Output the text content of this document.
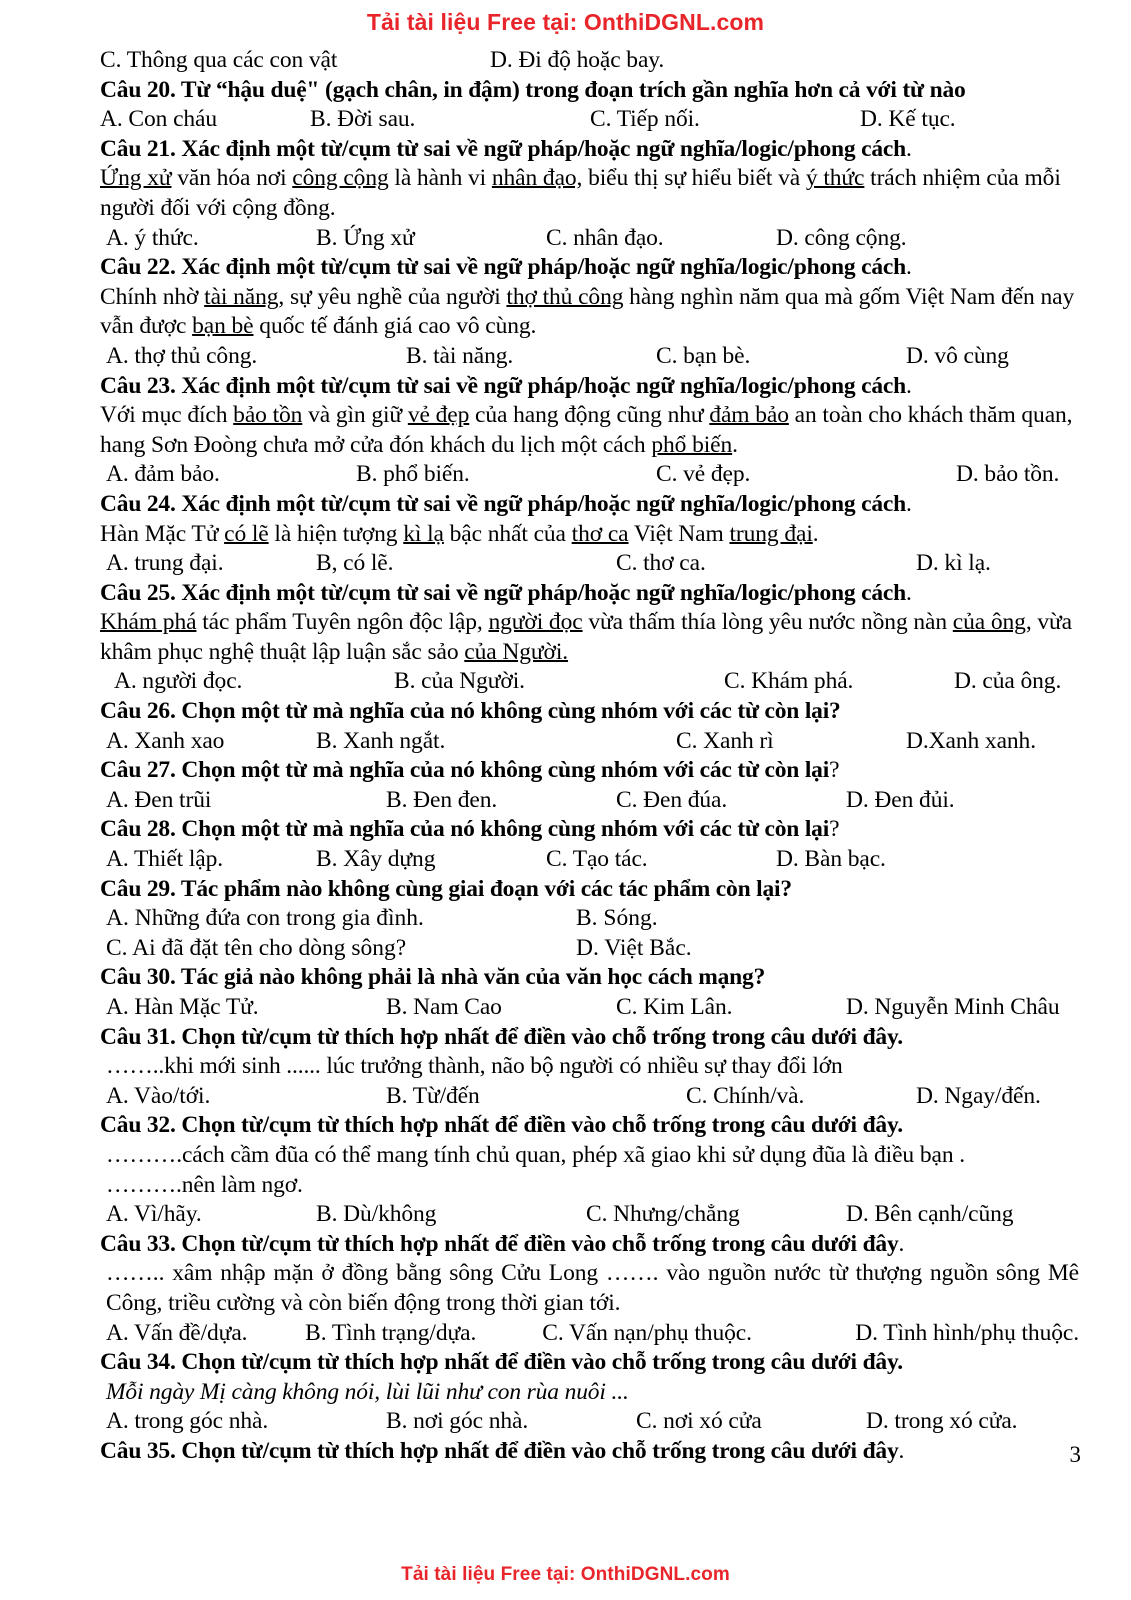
Tải tài liệu Free tại: OnthiDGNL.com
C. Thông qua các con vật	D. Đi độ hoặc bay.
Câu 20. Từ “hậu duệ" (gạch chân, in đậm) trong đoạn trích gần nghĩa hơn cả với từ nào
A. Con cháu	B. Đời sau.	C. Tiếp nối.	D. Kế tục.
Câu 21. Xác định một từ/cụm từ sai về ngữ pháp/hoặc ngữ nghĩa/logic/phong cách.
Ứng xử văn hóa nơi công cộng là hành vi nhân đạo, biểu thị sự hiểu biết và ý thức trách nhiệm của mỗi người đối với cộng đồng.
A. ý thức.	B. Ứng xử	C. nhân đạo.	D. công cộng.
Câu 22. Xác định một từ/cụm từ sai về ngữ pháp/hoặc ngữ nghĩa/logic/phong cách.
Chính nhờ tài năng, sự yêu nghề của người thợ thủ công hàng nghìn năm qua mà gốm Việt Nam đến nay vẫn được bạn bè quốc tế đánh giá cao vô cùng.
A. thợ thủ công.	B. tài năng.	C. bạn bè.	D. vô cùng
Câu 23. Xác định một từ/cụm từ sai về ngữ pháp/hoặc ngữ nghĩa/logic/phong cách.
Với mục đích bảo tồn và gìn giữ vẻ đẹp của hang động cũng như đảm bảo an toàn cho khách thăm quan, hang Sơn Đoòng chưa mở cửa đón khách du lịch một cách phổ biến.
A. đảm bảo.	B. phổ biến.	C. vẻ đẹp.	D. bảo tồn.
Câu 24. Xác định một từ/cụm từ sai về ngữ pháp/hoặc ngữ nghĩa/logic/phong cách.
Hàn Mặc Tử có lẽ là hiện tượng kì lạ bậc nhất của thơ ca Việt Nam trung đại.
A. trung đại.	B, có lẽ.	C. thơ ca.	D. kì lạ.
Câu 25. Xác định một từ/cụm từ sai về ngữ pháp/hoặc ngữ nghĩa/logic/phong cách.
Khám phá tác phẩm Tuyên ngôn độc lập, người đọc vừa thấm thía lòng yêu nước nồng nàn của ông, vừa khâm phục nghệ thuật lập luận sắc sảo của Người.
A. người đọc.	B. của Người.	C. Khám phá.	D. của ông.
Câu 26. Chọn một từ mà nghĩa của nó không cùng nhóm với các từ còn lại?
A. Xanh xao	B. Xanh ngắt.	C. Xanh rì	D.Xanh xanh.
Câu 27. Chọn một từ mà nghĩa của nó không cùng nhóm với các từ còn lại?
A. Đen trũi	B. Đen đen.	C. Đen đúa.	D. Đen đủi.
Câu 28. Chọn một từ mà nghĩa của nó không cùng nhóm với các từ còn lại?
A. Thiết lập.	B. Xây dựng	C. Tạo tác.	D. Bàn bạc.
Câu 29. Tác phẩm nào không cùng giai đoạn với các tác phẩm còn lại?
A. Những đứa con trong gia đình.	B. Sóng.
C. Ai đã đặt tên cho dòng sông?	D. Việt Bắc.
Câu 30. Tác giả nào không phải là nhà văn của văn học cách mạng?
A. Hàn Mặc Tử.	B. Nam Cao	C. Kim Lân.	D. Nguyễn Minh Châu
Câu 31. Chọn từ/cụm từ thích hợp nhất để điền vào chỗ trống trong câu dưới đây.
……..khi mới sinh ...... lúc trưởng thành, não bộ người có nhiều sự thay đổi lớn
A. Vào/tới.	B. Từ/đến	C. Chính/và.	D. Ngay/đến.
Câu 32. Chọn từ/cụm từ thích hợp nhất để điền vào chỗ trống trong câu dưới đây.
……….cách cầm đũa có thể mang tính chủ quan, phép xã giao khi sử dụng đũa là điều bạn .
……….nên làm ngơ.
A. Vì/hãy.	B. Dù/không	C. Nhưng/chẳng	D. Bên cạnh/cũng
Câu 33. Chọn từ/cụm từ thích hợp nhất để điền vào chỗ trống trong câu dưới đây.
…….. xâm nhập mặn ở đồng bằng sông Cửu Long ……. vào nguồn nước từ thượng nguồn sông Mê Công, triều cường và còn biến động trong thời gian tới.
A. Vấn đề/dựa.	B. Tình trạng/dựa.	C. Vấn nạn/phụ thuộc.	D. Tình hình/phụ thuộc.
Câu 34. Chọn từ/cụm từ thích hợp nhất để điền vào chỗ trống trong câu dưới đây.
Mỗi ngày Mị càng không nói, lùi lũi như con rùa nuôi ...
A. trong góc nhà.	B. nơi góc nhà.	C. nơi xó cửa	D. trong xó cửa.
Câu 35. Chọn từ/cụm từ thích hợp nhất để điền vào chỗ trống trong câu dưới đây.	3
Tải tài liệu Free tại: OnthiDGNL.com
